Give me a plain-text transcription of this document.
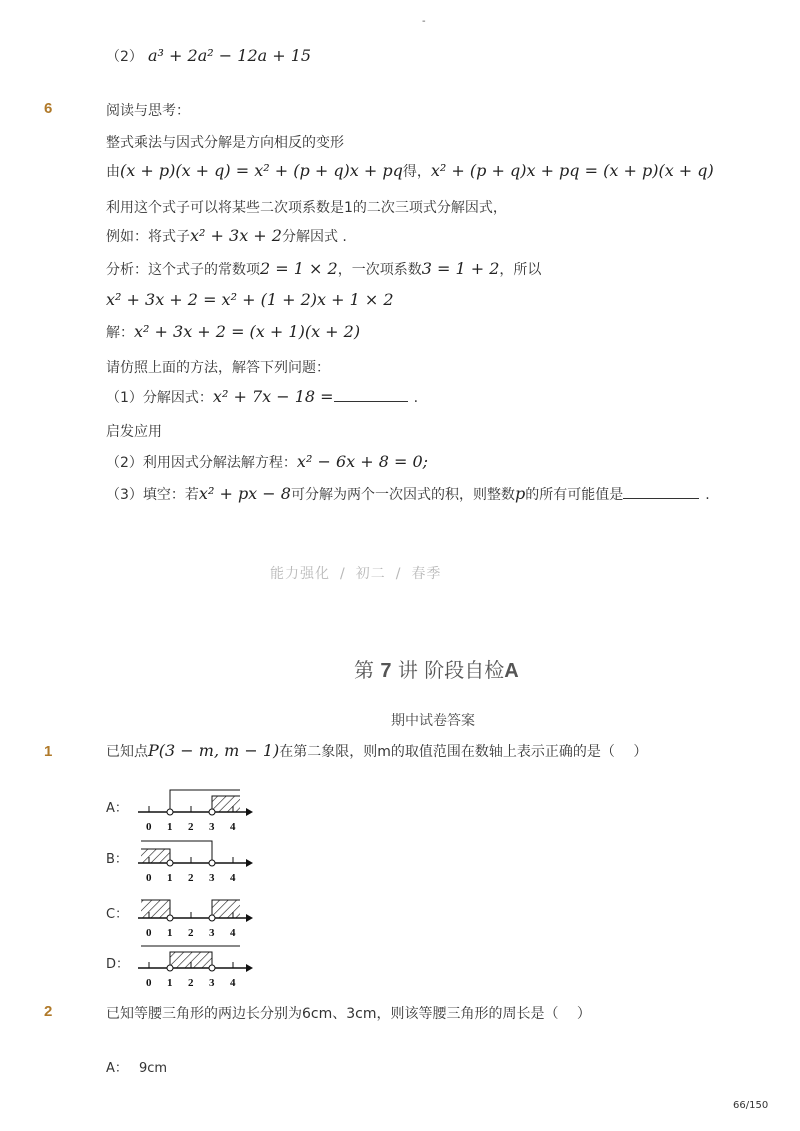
-
（2） a³ + 2a² − 12a + 15
6	阅读与思考：
整式乘法与因式分解是方向相反的变形
由(x + p)(x + q) = x² + (p + q)x + pq得，x² + (p + q)x + pq = (x + p)(x + q)
利用这个式子可以将某些二次项系数是1的二次三项式分解因式，
例如：将式子x² + 3x + 2分解因式 .
分析：这个式子的常数项2 = 1 × 2，一次项系数3 = 1 + 2，所以
x² + 3x + 2 = x² + (1 + 2)x + 1 × 2
解：x² + 3x + 2 = (x + 1)(x + 2)
请仿照上面的方法，解答下列问题：
（1）分解因式：x² + 7x − 18 =	.
启发应用
（2）利用因式分解法解方程：x² − 6x + 8 = 0;
（3）填空：若x² + px − 8可分解为两个一次因式的积，则整数p的所有可能值是	.
能力强化 / 初二 / 春季
第 7 讲 阶段自检A
期中试卷答案
1	已知点P(3 − m, m − 1)在第二象限，则m的取值范围在数轴上表示正确的是（　 ）
A：
0 1 2 3 4
B：
0 1 2 3 4
C：
0 1 2 3 4
D：
0 1 2 3 4
2	已知等腰三角形的两边长分别为6cm、3cm，则该等腰三角形的周长是（　 ）
A： 9cm
66/150
